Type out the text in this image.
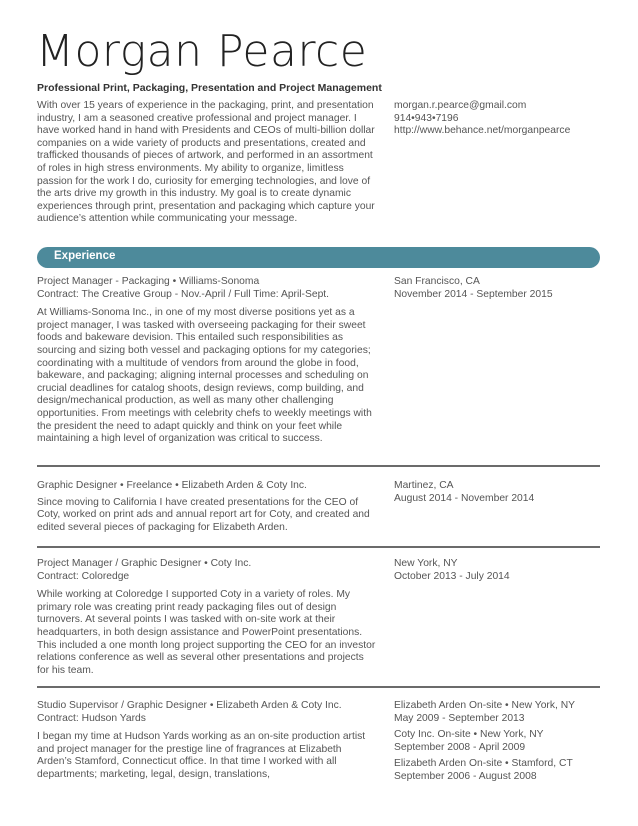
Morgan Pearce
Professional Print, Packaging, Presentation and Project Management

With over 15 years of experience in the packaging, print, and presentation industry, I am a seasoned creative professional and project manager. I have worked hand in hand with Presidents and CEOs of multi-billion dollar companies on a wide variety of products and presentations, created and trafficked thousands of pieces of artwork, and performed in an assortment of roles in high stress environments. My ability to organize, limitless passion for the work I do, curiosity for emerging technologies, and love of the arts drive my growth in this industry. My goal is to create dynamic experiences through print, presentation and packaging which capture your audience’s attention while communicating your message.

morgan.r.pearce@gmail.com
914•943•7196
http://www.behance.net/morganpearce
Experience
Project Manager - Packaging • Williams-Sonoma
Contract: The Creative Group - Nov.-April / Full Time: April-Sept.

At Williams-Sonoma Inc., in one of my most diverse positions yet as a project manager, I was tasked with overseeing packaging for their sweet foods and bakeware devision. This entailed such responsibilities as sourcing and sizing both vessel and packaging options for my categories; coordinating with a multitude of vendors from around the globe in food, bakeware, and packaging; aligning internal processes and scheduling on crucial deadlines for catalog shoots, design reviews, comp building, and design/mechanical production, as well as many other challenging opportunities. From meetings with celebrity chefs to weekly meetings with the president the need to adapt quickly and think on your feet while maintaining a high level of organization was critical to success.

San Francisco, CA
November 2014 - September 2015
Graphic Designer • Freelance • Elizabeth Arden & Coty Inc.

Since moving to California I have created presentations for the CEO of Coty, worked on print ads and annual report art for Coty, and created and edited several pieces of packaging for Elizabeth Arden.

Martinez, CA
August 2014 - November 2014
Project Manager / Graphic Designer • Coty Inc.
Contract: Coloredge

While working at Coloredge I supported Coty in a variety of roles. My primary role was creating print ready packaging files out of design turnovers. At several points I was tasked with on-site work at their headquarters, in both design assistance and PowerPoint presentations. This included a one month long project supporting the CEO for an investor relations conference as well as several other presentations and projects for his team.

New York, NY
October 2013 - July 2014
Studio Supervisor / Graphic Designer • Elizabeth Arden & Coty Inc.
Contract: Hudson Yards

I began my time at Hudson Yards working as an on-site production artist and project manager for the prestige line of fragrances at Elizabeth Arden’s Stamford, Connecticut office. In that time I worked with all departments; marketing, legal, design, translations,

Elizabeth Arden On-site • New York, NY
May 2009 - September 2013
Coty Inc. On-site • New York, NY
September 2008 - April 2009
Elizabeth Arden On-site • Stamford, CT
September 2006 - August 2008
